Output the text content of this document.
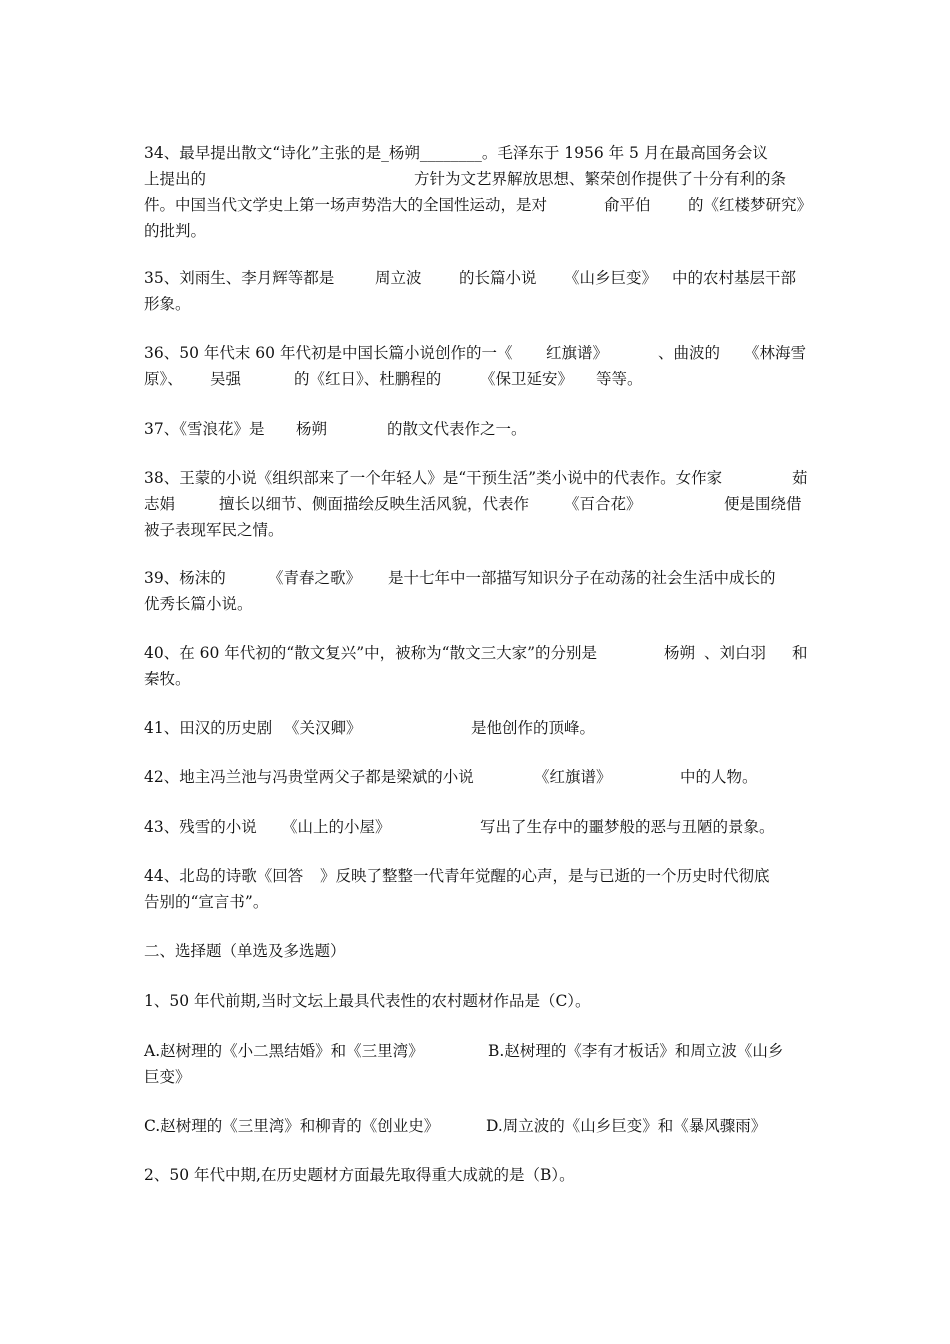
34、最早提出散文“诗化”主张的是_杨朔________。毛泽东于 1956 年 5 月在最高国务会议
上提出的	方针为文艺界解放思想、繁荣创作提供了十分有利的条
件。中国当代文学史上第一场声势浩大的全国性运动，是对	俞平伯 的《红楼梦研究》
的批判。
35、刘雨生、李月辉等都是	周立波 的长篇小说 《山乡巨变》 中的农村基层干部
形象。
36、50 年代末 60 年代初是中国长篇小说创作的一《 红旗谱》	、曲波的 《林海雪
原》、 吴强	的《红日》、杜鹏程的 《保卫延安》 等等。
37、《雪浪花》是 杨朔	的散文代表作之一。
38、王蒙的小说《组织部来了一个年轻人》是“干预生活”类小说中的代表作。女作家	茹
志娟	擅长以细节、侧面描绘反映生活风貌，代表作 《百合花》	便是围绕借
被子表现军民之情。
39、杨沫的	《青春之歌》 是十七年中一部描写知识分子在动荡的社会生活中成长的
优秀长篇小说。
40、在 60 年代初的“散文复兴”中，被称为“散文三大家”的分别是	杨朔 、刘白羽 和
秦牧。
41、田汉的历史剧 《关汉卿》	是他创作的顶峰。
42、地主冯兰池与冯贵堂两父子都是梁斌的小说	《红旗谱》	中的人物。
43、残雪的小说 《山上的小屋》	写出了生存中的噩梦般的恶与丑陋的景象。
44、北岛的诗歌《回答 》反映了整整一代青年觉醒的心声，是与已逝的一个历史时代彻底
告别的“宣言书”。
二、选择题（单选及多选题）
1、50 年代前期,当时文坛上最具代表性的农村题材作品是（C）。
A.赵树理的《小二黑结婚》和《三里湾》	B.赵树理的《李有才板话》和周立波《山乡
巨变》
C.赵树理的《三里湾》和柳青的《创业史》	D.周立波的《山乡巨变》和《暴风骤雨》
2、50 年代中期,在历史题材方面最先取得重大成就的是（B）。
